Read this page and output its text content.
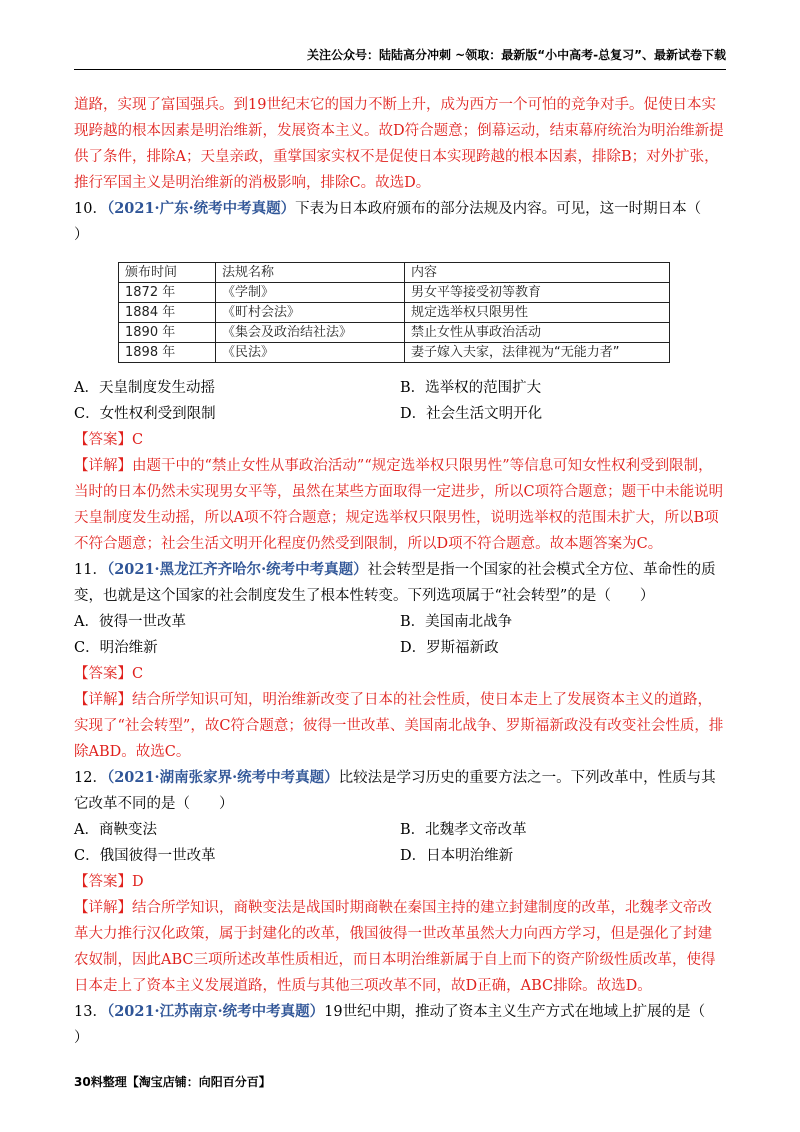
关注公众号：陆陆高分冲刺 ~领取：最新版“小中高考-总复习”、最新试卷下载

道路，实现了富国强兵。到19世纪末它的国力不断上升，成为西方一个可怕的竞争对手。促使日本实现跨越的根本因素是明治维新，发展资本主义。故D符合题意；倒幕运动，结束幕府统治为明治维新提供了条件，排除A；天皇亲政，重掌国家实权不是促使日本实现跨越的根本因素，排除B；对外扩张，推行军国主义是明治维新的消极影响，排除C。故选D。

10．（2021·广东·统考中考真题）下表为日本政府颁布的部分法规及内容。可见，这一时期日本（
）

颁布时间	法规名称	内容
1872 年	《学制》	男女平等接受初等教育
1884 年	《町村会法》	规定选举权只限男性
1890 年	《集会及政治结社法》	禁止女性从事政治活动
1898 年	《民法》	妻子嫁入夫家，法律视为“无能力者”
A．天皇制度发生动摇	B．选举权的范围扩大
C．女性权利受到限制	D．社会生活文明开化

【答案】C

【详解】由题干中的“禁止女性从事政治活动”“规定选举权只限男性”等信息可知女性权利受到限制，当时的日本仍然未实现男女平等，虽然在某些方面取得一定进步，所以C项符合题意；题干中未能说明天皇制度发生动摇，所以A项不符合题意；规定选举权只限男性，说明选举权的范围未扩大，所以B项不符合题意；社会生活文明开化程度仍然受到限制，所以D项不符合题意。故本题答案为C。

11．（2021·黑龙江齐齐哈尔·统考中考真题）社会转型是指一个国家的社会模式全方位、革命性的质变，也就是这个国家的社会制度发生了根本性转变。下列选项属于“社会转型”的是（　　）

A．彼得一世改革	B．美国南北战争
C．明治维新	D．罗斯福新政

【答案】C

【详解】结合所学知识可知，明治维新改变了日本的社会性质，使日本走上了发展资本主义的道路，实现了“社会转型”，故C符合题意；彼得一世改革、美国南北战争、罗斯福新政没有改变社会性质，排除ABD。故选C。

12．（2021·湖南张家界·统考中考真题）比较法是学习历史的重要方法之一。下列改革中，性质与其它改革不同的是（　　）

A．商鞅变法	B．北魏孝文帝改革
C．俄国彼得一世改革	D．日本明治维新

【答案】D

【详解】结合所学知识，商鞅变法是战国时期商鞅在秦国主持的建立封建制度的改革，北魏孝文帝改革大力推行汉化政策，属于封建化的改革，俄国彼得一世改革虽然大力向西方学习，但是强化了封建农奴制，因此ABC三项所述改革性质相近，而日本明治维新属于自上而下的资产阶级性质改革，使得日本走上了资本主义发展道路，性质与其他三项改革不同，故D正确，ABC排除。故选D。

13．（2021·江苏南京·统考中考真题）19世纪中期，推动了资本主义生产方式在地域上扩展的是（
）

30料整理【淘宝店铺：向阳百分百】
